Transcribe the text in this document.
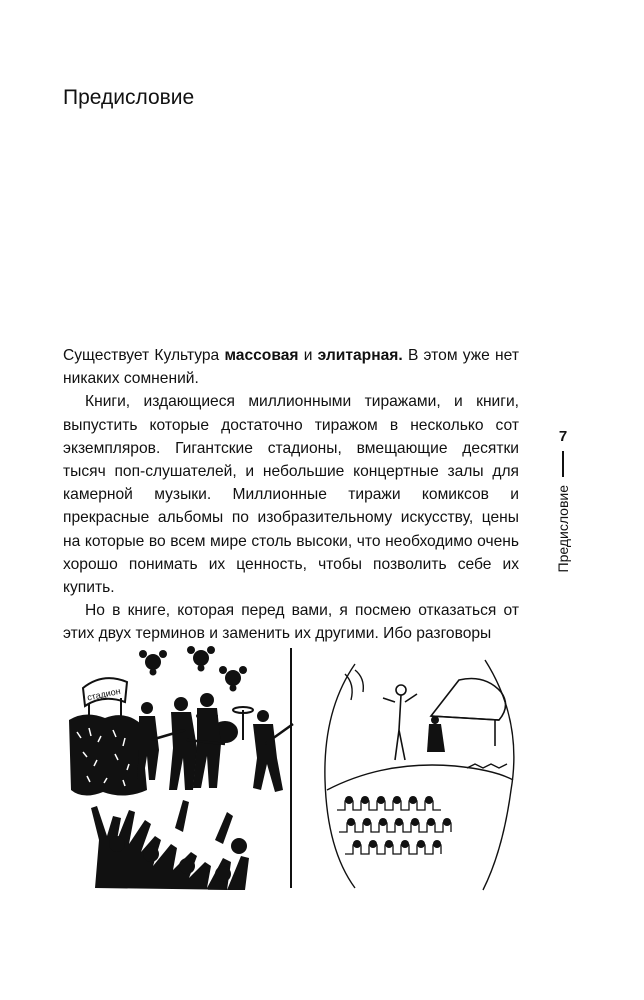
Предисловие

Существует Культура массовая и элитарная. В этом уже нет никаких сомнений.

Книги, издающиеся миллионными тиражами, и книги, выпустить которые достаточно тиражом в несколько сот экземпляров. Гигантские стадионы, вмещающие десятки тысяч поп-слушателей, и небольшие концертные залы для камерной музыки. Миллионные тиражи комиксов и прекрасные альбомы по изобразительному искусству, цены на которые во всем мире столь высоки, что необходимо очень хорошо понимать их ценность, чтобы позволить себе их купить.

Но в книге, которая перед вами, я посмею отказаться от этих двух терминов и заменить их другими. Ибо разговоры

7
Предисловие
стадион
